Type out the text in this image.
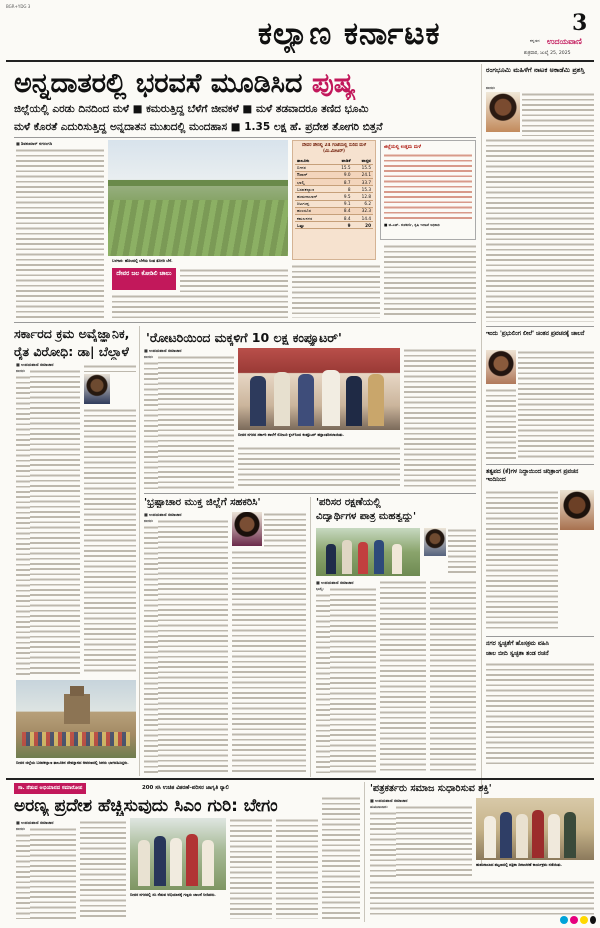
BGR+YDG 3
ಕಲ್ಯಾಣ ಕರ್ನಾಟಕ	3
ಕನ್ನಡದ ಉದಯವಾಣಿ
ಶುಕ್ರವಾರ, ಜುಲೈ 25, 2025
ಅನ್ನದಾತರಲ್ಲಿ ಭರವಸೆ ಮೂಡಿಸಿದ ಪುಷ್ಯ
ಜಿಲ್ಲೆಯಲ್ಲಿ ಎರಡು ದಿನದಿಂದ ಮಳೆ ■ ಕಮರುತ್ತಿದ್ದ ಬೆಳೆಗೆ ಜೀವಕಳೆ ■ ಮಳೆ ತಡವಾದರೂ ತಣಿದ ಭೂಮಿ
ಮಳೆ ಕೊರತೆ ಎದುರಿಸುತ್ತಿದ್ದ ಅನ್ನದಾತನ ಮುಖದಲ್ಲಿ ಮಂದಹಾಸ ■ 1.35 ಲಕ್ಷ ಹೆ. ಪ್ರದೇಶ ತೋಗರಿ ಬಿತ್ತನೆ
■ ಶಿವಕುಮಾರ್ ನಗರಂಗಡಿ
ಬಳಗಾರ: ಹೊಲದಲ್ಲಿ ಬೆಳೆದು ನಿಂತ ತೊಗರಿ ಬೆಳೆ.
ದೇವರ ಡೇನಲ್ಲಿ 24 ಗಂಟೆಯಲ್ಲಿ ಸುರಿದ ಮಳೆ (ಮಿ.ಮೀಟರ್)
ತಾಲೂಕು	ವಾಡಿಕೆ	ವಾಸ್ತವ
ಬೀದರ	15.5	15.5
ಔರಾದ್	9.0	24.1
ಭಾಲ್ಕಿ	8.7	33.7
ಬಸವಕಲ್ಯಾಣ	8	15.3
ಹುಮನಾಬಾದ್	9.5	12.8
ಚಿಟಗುಪ್ಪ	9.1	6.2
ಹುಲಸೂರ	8.4	32.3
ಕಮಲನಗರ	8.4	14.4
ಒಟ್ಟು	9	20
ಜಿಲ್ಲೆಯಲ್ಲಿ ಉತ್ತಮ ಮಳೆ
■ ಜಿ.ಎಚ್. ಕುಳಕರ್ಣಿ, ಕೃಷಿ ಇಲಾಖೆ ಅಧಿಕಾರಿ
ದೇವರ ಜಲ ಕೋಡಿಲಿ ಚಾಲು
ರಂಗಭೂಮಿ ಮಹಿಳೆಗೆ ನಾಟಕ ಅಕಾಡೆಮಿ ಪ್ರಶಸ್ತಿ
ಬೀದರ:
ಇಂದು 'ಪ್ರಭುಲಿಂಗ ಲೀಲೆ' ಚಿಂತನ ಪ್ರವಚನಕ್ಕೆ ಚಾಲನೆ
ತತ್ವಪದ (ಕೆ)ಗಳ ನಿದ್ದಾಯಿಂದ ಚರಿತ್ರಾಂಗ ಪ್ರವಚನ ಇಂದಿನಿಂದ
ನಗರ ಸ್ವಚ್ಛತೆಗೆ ಹೊಸಕ್ರಮ ವಹಿಸಿ
ಜಾಲ ಬೀದಿ ಸ್ವಚ್ಛತಾ ತಂಡ ರಚನೆ
ಸರ್ಕಾರದ ಕ್ರಮ ಅವೈಜ್ಞಾನಿಕ,
ರೈತ ವಿರೋಧಿ: ಡಾ| ಬೆಲ್ದಾಳೆ
■ ಉದಯವಾಣಿ ಸಮಾಚಾರ
ಬೀದರ:
ಬೀದರ ಜಿಲ್ಲೆಯ ಬಸವಕಲ್ಯಾಣ ತಾಲೂಕಿನ ದೇವಸ್ಥಾನದ ಆವರಣದಲ್ಲಿ ಜನರು ಭಾಗವಹಿಸಿದ್ದರು.
'ರೋಟರಿಯಿಂದ ಮಕ್ಕಳಿಗೆ 10 ಲಕ್ಷ ಕಂಪ್ಯೂಟರ್'
■ ಉದಯವಾಣಿ ಸಮಾಚಾರ
ಬೀದರ:
ಬೀದರ ನಗರದ ಸರ್ಕಾರಿ ಶಾಲೆಗೆ ರೋಟರಿ ಕ್ಲಬ್‌ನಿಂದ ಕಂಪ್ಯೂಟರ್ ಹಸ್ತಾಂತರಿಸಲಾಯಿತು.
'ಭ್ರಷ್ಟಾಚಾರ ಮುಕ್ತ ಜಿಲ್ಲೆಗೆ ಸಹಕರಿಸಿ'
■ ಉದಯವಾಣಿ ಸಮಾಚಾರ
ಬೀದರ:
'ಪರಿಸರ ರಕ್ಷಣೆಯಲ್ಲಿ
ವಿದ್ಯಾರ್ಥಿಗಳ ಪಾತ್ರ ಮಹತ್ವದ್ದು'
■ ಉದಯವಾಣಿ ಸಮಾಚಾರ
ಭಾಲ್ಕಿ:
ಸಾ. ನೆಡುವ ಅಭಿಯಾನದ ಸಮಾರೋಪ	200 ಸಸಿ ಉಚಿತ ವಿತರಣೆ–ಪರಿಸರ ಜಾಗೃತಿ ರ‍್ಯಾಲಿ
ಅರಣ್ಯ ಪ್ರದೇಶ ಹೆಚ್ಚಿಸುವುದು ಸಿಎಂ ಗುರಿ: ಬೇಗಂ
■ ಉದಯವಾಣಿ ಸಮಾಚಾರ
ಬೀದರ:
ಬೀದರ ನಗರದಲ್ಲಿ ಸಸಿ ನೆಡುವ ಅಭಿಯಾನಕ್ಕೆ ಗಣ್ಯರು ಚಾಲನೆ ನೀಡಿದರು.
'ಪತ್ರಕರ್ತರು ಸಮಾಜ ಸುಧಾರಿಸುವ ಶಕ್ತಿ'
■ ಉದಯವಾಣಿ ಸಮಾಚಾರ
ಹುಮನಾಬಾದ:
ಹುಮನಾಬಾದ ಪಟ್ಟಣದಲ್ಲಿ ಪತ್ರಿಕಾ ದಿನಾಚರಣೆ ಕಾರ್ಯಕ್ರಮ ನಡೆಯಿತು.
